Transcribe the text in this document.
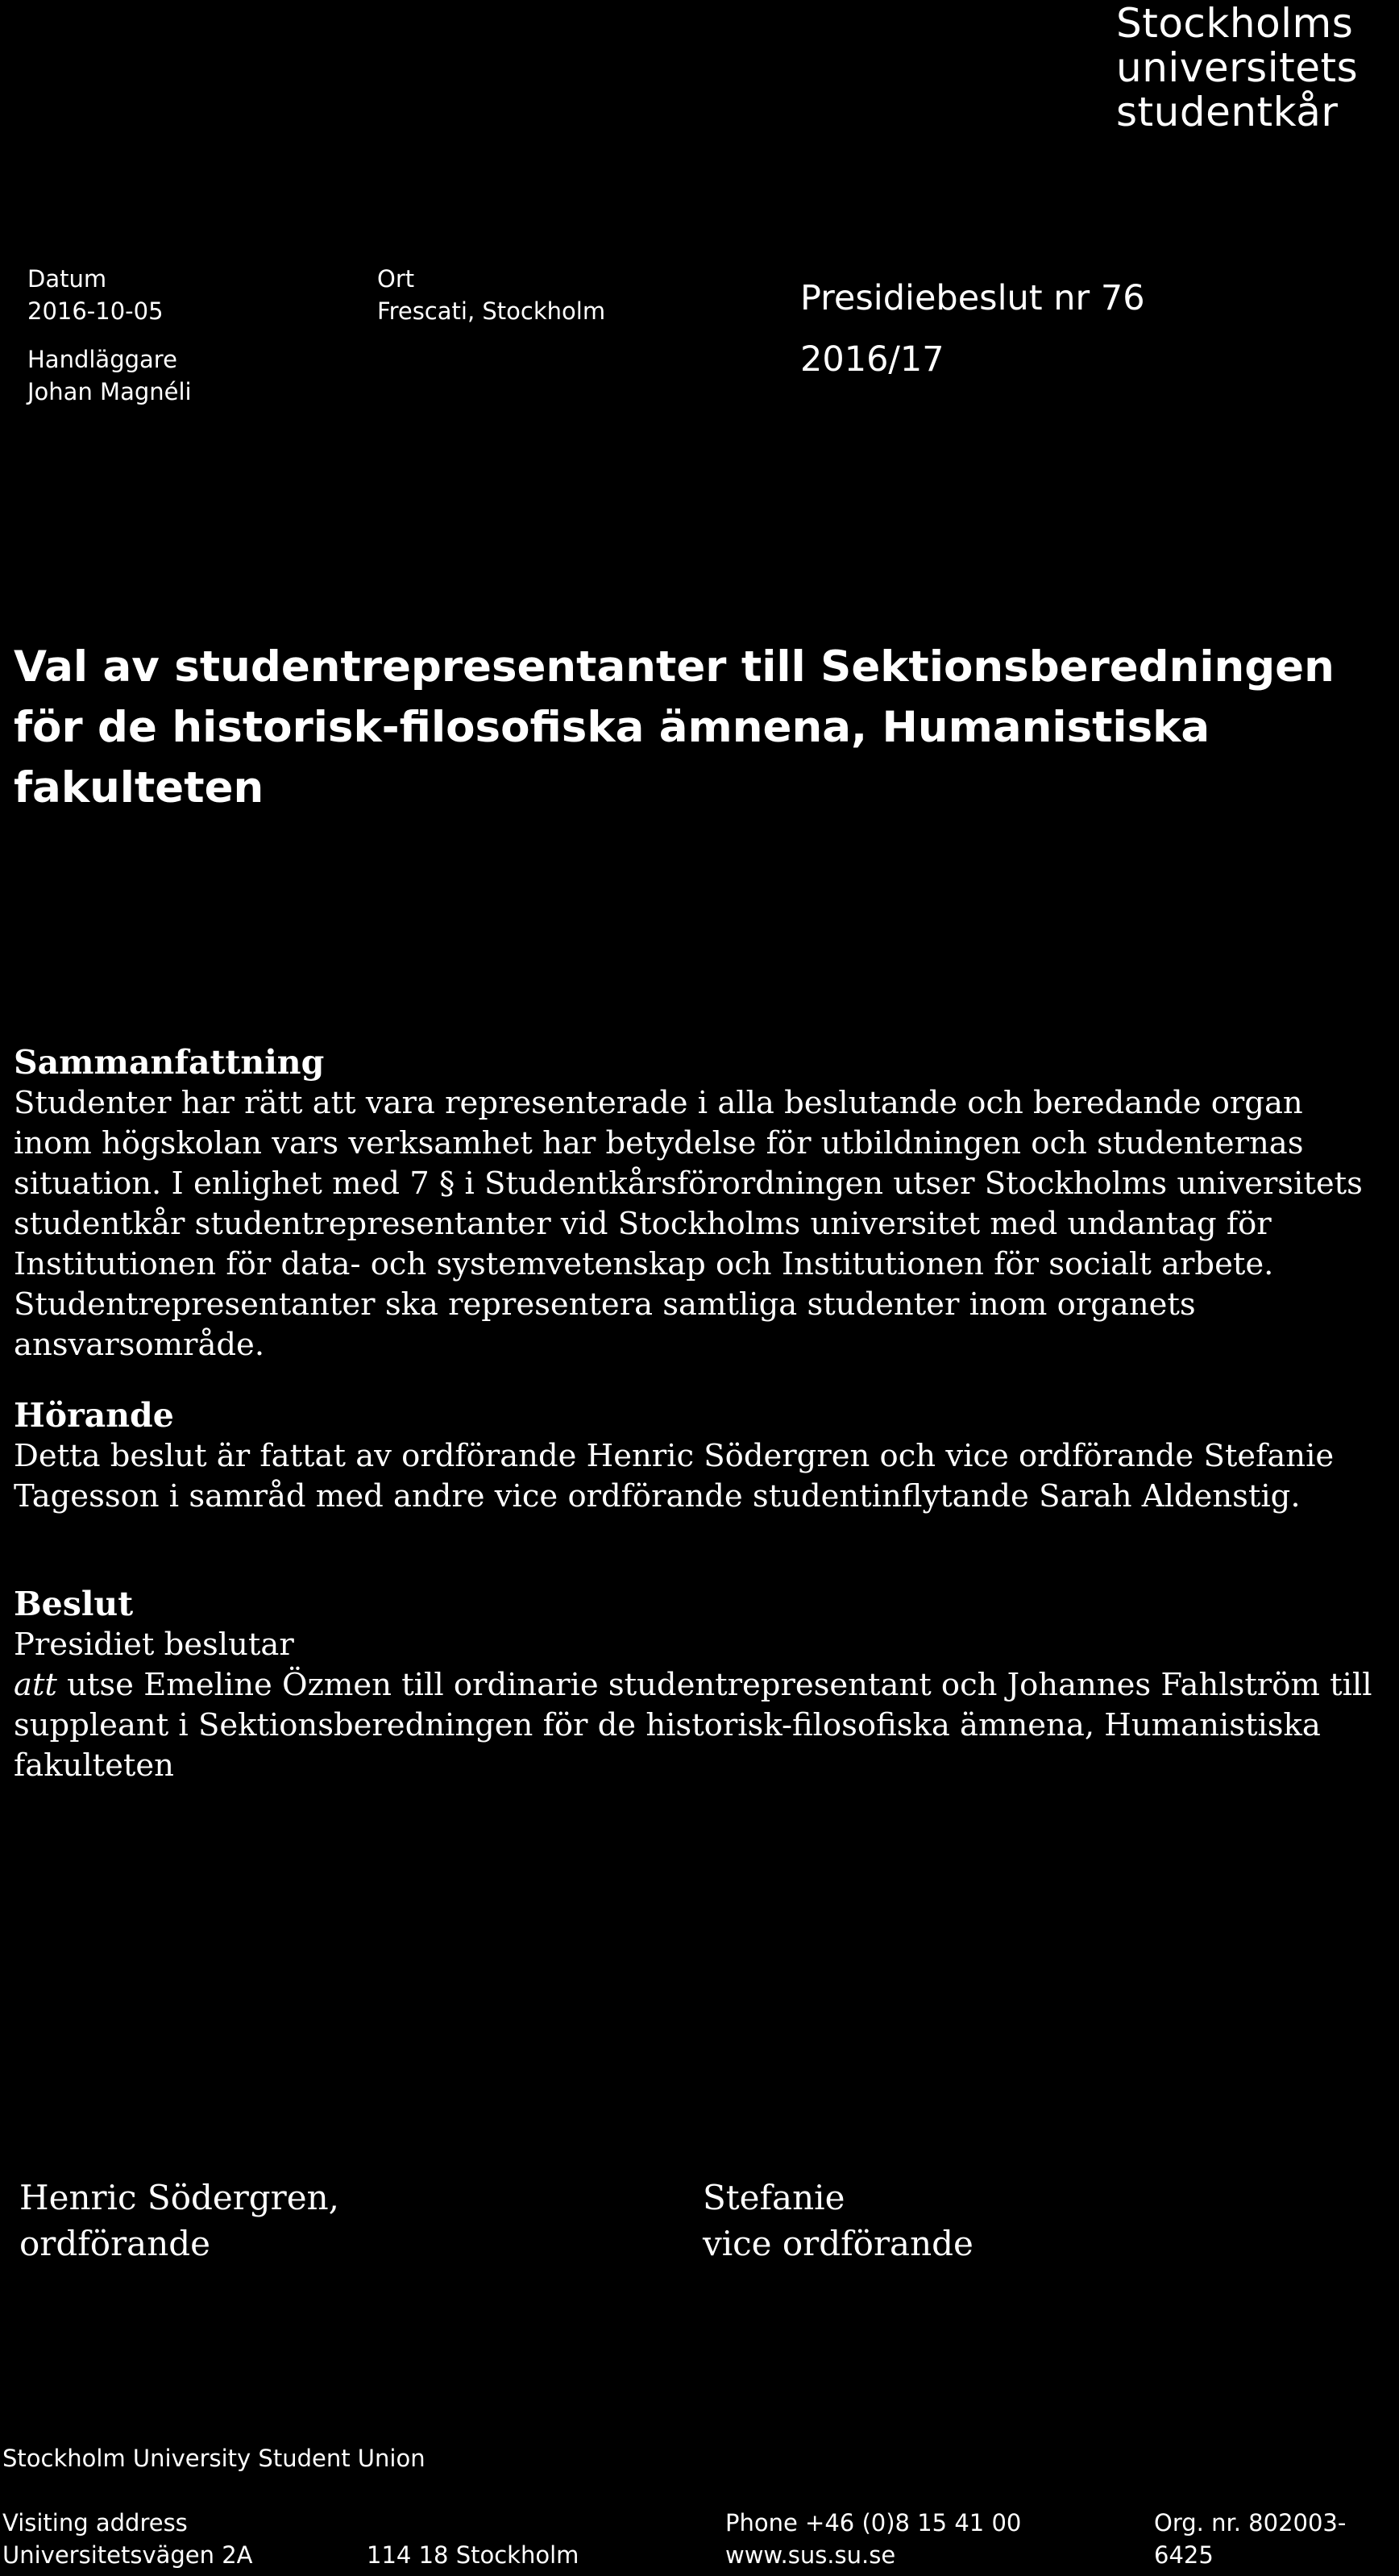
Stockholms
universitets
studentkår
Datum
2016-10-05
Handläggare
Johan Magnéli
Ort
Frescati, Stockholm	Presidiebeslut nr 76
2016/17
Val av studentrepresentanter till Sektionsberedningen för de historisk-filosofiska ämnena, Humanistiska fakulteten
Sammanfattning

Studenter har rätt att vara representerade i alla beslutande och beredande organ inom högskolan vars verksamhet har betydelse för utbildningen och studenternas situation. I enlighet med 7 § i Studentkårsförordningen utser Stockholms universitets studentkår studentrepresentanter vid Stockholms universitet med undantag för Institutionen för data- och systemvetenskap och Institutionen för socialt arbete. Studentrepresentanter ska representera samtliga studenter inom organets ansvarsområde.

Hörande

Detta beslut är fattat av ordförande Henric Södergren och vice ordförande Stefanie Tagesson i samråd med andre vice ordförande studentinflytande Sarah Aldenstig.

Beslut

Presidiet beslutar

att utse Emeline Özmen till ordinarie studentrepresentant och Johannes Fahlström till suppleant i Sektionsberedningen för de historisk-filosofiska ämnena, Humanistiska fakulteten

Henric Södergren,
ordförande
Stefanie
vice ordförande
Stockholm University Student Union
Visiting address
Universitetsvägen 2A	114 18 Stockholm
Phone +46 (0)8 15 41 00
www.sus.su.se
Org. nr. 802003-6425
